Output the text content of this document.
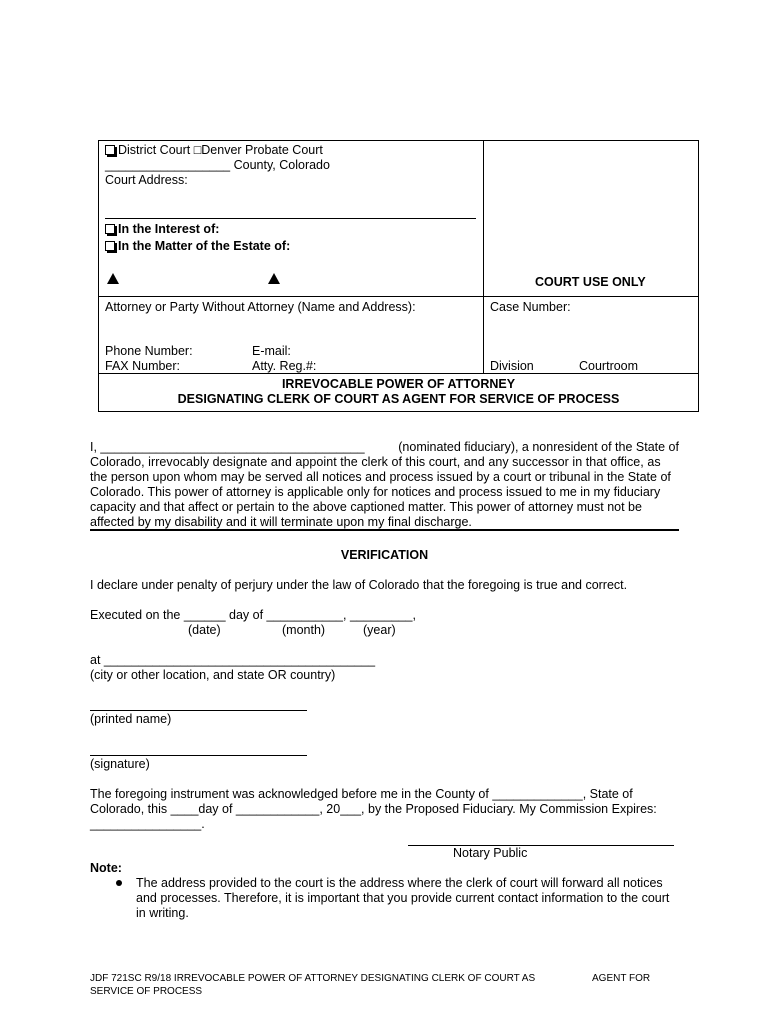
District Court □Denver Probate Court
__________________ County, Colorado
Court Address:
In the Interest of:
In the Matter of the Estate of:
COURT USE ONLY
Attorney or Party Without Attorney (Name and Address):	Case Number:
Phone Number:	E-mail:
FAX Number:	Atty. Reg.#:	Division	Courtroom
IRREVOCABLE POWER OF ATTORNEY
DESIGNATING CLERK OF COURT AS AGENT FOR SERVICE OF PROCESS
I, ______________________________________	(nominated fiduciary), a nonresident of the State of
Colorado, irrevocably designate and appoint the clerk of this court, and any successor in that office, as
the person upon whom may be served all notices and process issued by a court or tribunal in the State of
Colorado. This power of attorney is applicable only for notices and process issued to me in my fiduciary
capacity and that affect or pertain to the above captioned matter. This power of attorney must not be
affected by my disability and it will terminate upon my final discharge.
VERIFICATION
I declare under penalty of perjury under the law of Colorado that the foregoing is true and correct.
Executed on the ______ day of ___________, _________,
(date)	(month)	(year)
at _______________________________________
(city or other location, and state OR country)
(printed name)
(signature)
The foregoing instrument was acknowledged before me in the County of _____________, State of
Colorado, this ____day of ____________, 20___, by the Proposed Fiduciary. My Commission Expires:
________________.
Notary Public
Note:
The address provided to the court is the address where the clerk of court will forward all notices
and processes. Therefore, it is important that you provide current contact information to the court
in writing.
JDF 721SC R9/18 IRREVOCABLE POWER OF ATTORNEY DESIGNATING CLERK OF COURT AS	AGENT FOR
SERVICE OF PROCESS
